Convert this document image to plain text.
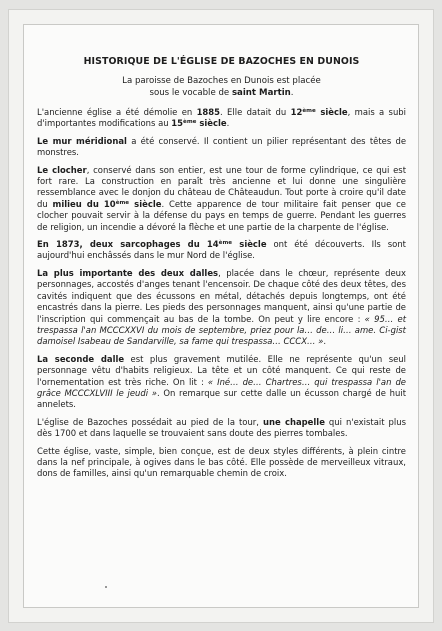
HISTORIQUE DE L'ÉGLISE DE BAZOCHES EN DUNOIS
La paroisse de Bazoches en Dunois est placée
sous le vocable de saint Martin.

L'ancienne église a été démolie en 1885. Elle datait du 12ème siècle, mais a subi d'importantes modifications au 15ème siècle.

Le mur méridional a été conservé. Il contient un pilier représentant des têtes de monstres.

Le clocher, conservé dans son entier, est une tour de forme cylindrique, ce qui est fort rare. La construction en paraît très ancienne et lui donne une singulière ressemblance avec le donjon du château de Châteaudun. Tout porte à croire qu'il date du milieu du 10ème siècle. Cette apparence de tour militaire fait penser que ce clocher pouvait servir à la défense du pays en temps de guerre. Pendant les guerres de religion, un incendie a dévoré la flèche et une partie de la charpente de l'église.

En 1873, deux sarcophages du 14ème siècle ont été découverts. Ils sont aujourd'hui enchâssés dans le mur Nord de l'église.

La plus importante des deux dalles, placée dans le chœur, représente deux personnages, accostés d'anges tenant l'encensoir. De chaque côté des deux têtes, des cavités indiquent que des écussons en métal, détachés depuis longtemps, ont été encastrés dans la pierre. Les pieds des personnages manquent, ainsi qu'une partie de l'inscription qui commençait au bas de la tombe. On peut y lire encore : « 95… et trespassa l'an MCCCXXVI du mois de septembre, priez pour la… de… li… ame. Ci-gist damoisel Isabeau de Sandarville, sa fame qui trespassa… CCCX… ».

La seconde dalle est plus gravement mutilée. Elle ne représente qu'un seul personnage vêtu d'habits religieux. La tête et un côté manquent. Ce qui reste de l'ornementation est très riche. On lit : « Iné… de… Chartres… qui trespassa l'an de grâce MCCCXLVIII le jeudi ». On remarque sur cette dalle un écusson chargé de huit annelets.

L'église de Bazoches possédait au pied de la tour, une chapelle qui n'existait plus dès 1700 et dans laquelle se trouvaient sans doute des pierres tombales.

Cette église, vaste, simple, bien conçue, est de deux styles différents, à plein cintre dans la nef principale, à ogives dans le bas côté. Elle possède de merveilleux vitraux, dons de familles, ainsi qu'un remarquable chemin de croix.
